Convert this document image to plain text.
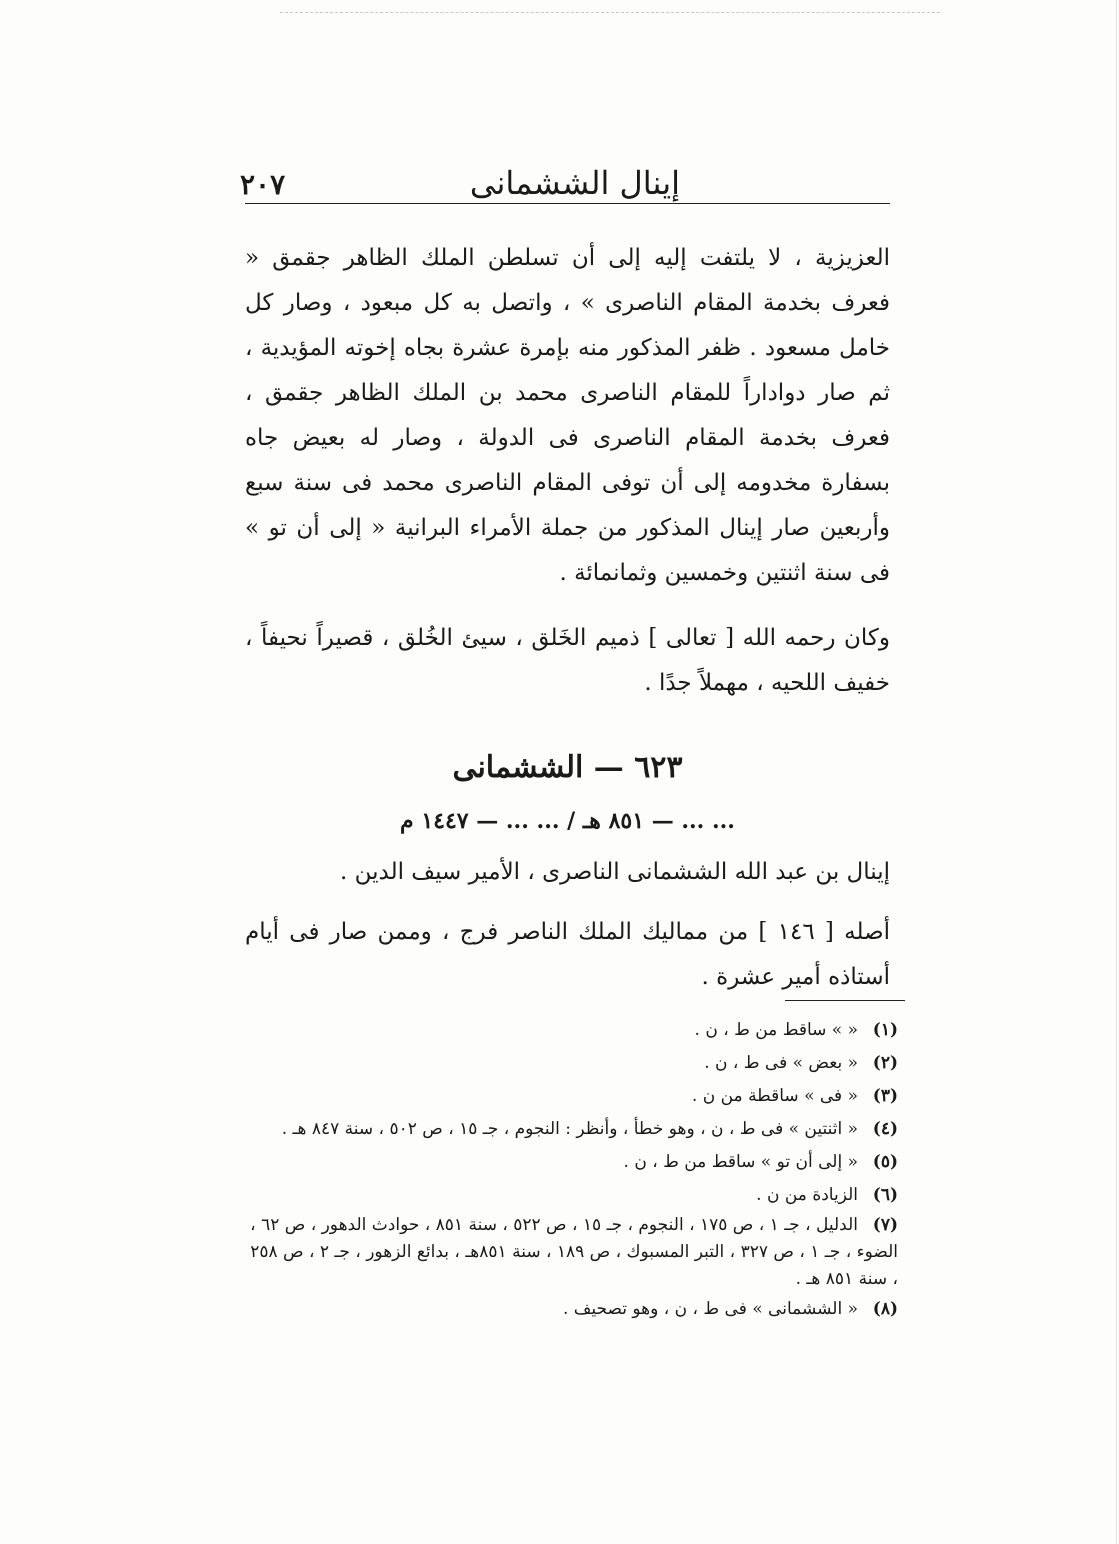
إينال الششمانى
٢٠٧

العزيزية ، لا يلتفت إليه إلى أن تسلطن الملك الظاهر جقمق « فعرف بخدمة المقام الناصرى » ، واتصل به كل مبعود ، وصار كل خامل مسعود . ظفر المذكور منه بإمرة عشرة بجاه إخوته المؤيدية ، ثم صار دواداراً للمقام الناصرى محمد بن الملك الظاهر جقمق ، فعرف بخدمة المقام الناصرى فى الدولة ، وصار له بعيض جاه بسفارة مخدومه إلى أن توفى المقام الناصرى محمد فى سنة سبع وأربعين صار إينال المذكور من جملة الأمراء البرانية « إلى أن تو » فى سنة اثنتين وخمسين وثمانمائة .

وكان رحمه الله [ تعالى ] ذميم الخَلق ، سيئ الخُلق ، قصيراً نحيفاً ، خفيف اللحيه ، مهملاً جدًا .

٦٢٣ — الششمانى
... ... — ٨٥١ هـ / ... ... — ١٤٤٧ م

إينال بن عبد الله الششمانى الناصرى ، الأمير سيف الدين .

أصله [ ١٤٦ ] من مماليك الملك الناصر فرج ، وممن صار فى أيام أستاذه أمير عشرة .

(١)« » ساقط من ط ، ن .
(٢)« بعض » فى ط ، ن .
(٣)« فى » ساقطة من ن .
(٤)« اثنتين » فى ط ، ن ، وهو خطأ ، وأنظر : النجوم ، جـ ١٥ ، ص ٥٠٢ ، سنة ٨٤٧ هـ .
(٥)« إلى أن تو » ساقط من ط ، ن .
(٦)الزيادة من ن .
(٧)الدليل ، جـ ١ ، ص ١٧٥ ، النجوم ، جـ ١٥ ، ص ٥٢٢ ، سنة ٨٥١ ، حوادث الدهور ، ص ٦٢ ، الضوء ، جـ ١ ، ص ٣٢٧ ، التبر المسبوك ، ص ١٨٩ ، سنة ٨٥١هـ ، بدائع الزهور ، جـ ٢ ، ص ٢٥٨ ، سنة ٨٥١ هـ .
(٨)« الششمانى » فى ط ، ن ، وهو تصحيف .
